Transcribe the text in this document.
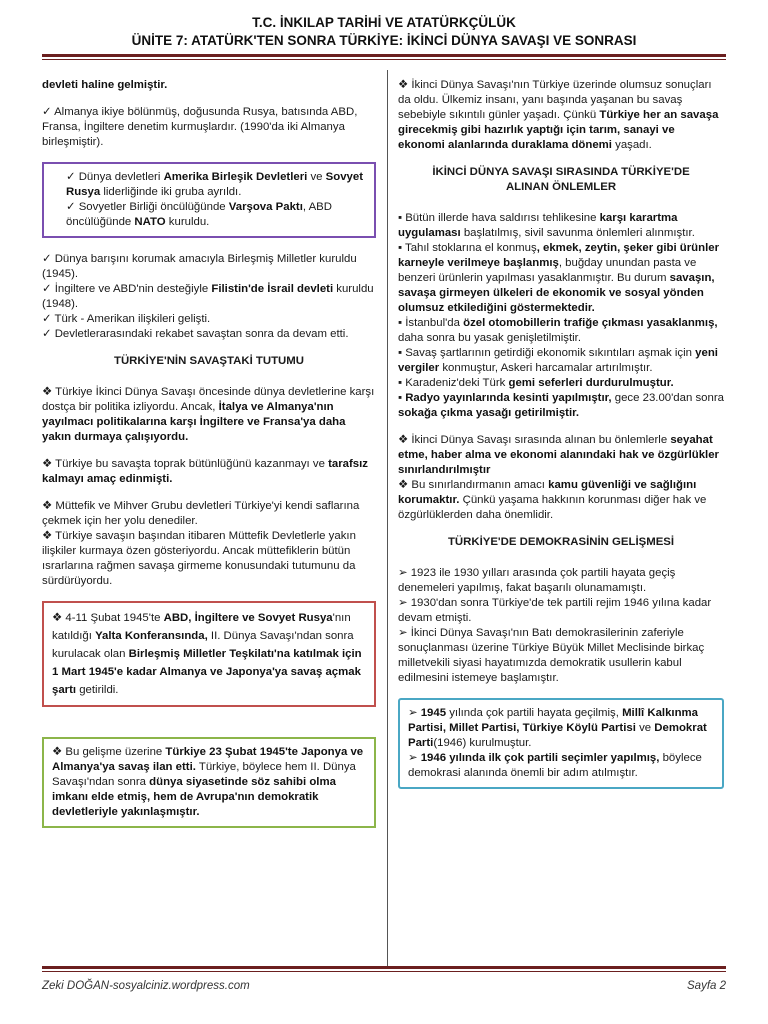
T.C. İNKILAP TARİHİ VE ATATÜRKÇÜLÜK
ÜNİTE 7: ATATÜRK'TEN SONRA TÜRKİYE: İKİNCİ DÜNYA SAVAŞI VE SONRASI

devleti haline gelmiştir.

✓ Almanya ikiye bölünmüş, doğusunda Rusya, batısında ABD, Fransa, İngiltere denetim kurmuşlardır. (1990'da iki Almanya birleşmiştir).

✓ Dünya devletleri Amerika Birleşik Devletleri ve Sovyet Rusya liderliğinde iki gruba ayrıldı.
✓ Sovyetler Birliği öncülüğünde Varşova Paktı, ABD öncülüğünde NATO kuruldu.

✓ Dünya barışını korumak amacıyla Birleşmiş Milletler kuruldu (1945).

✓ İngiltere ve ABD'nin desteğiyle Filistin'de İsrail devleti kuruldu (1948).

✓ Türk - Amerikan ilişkileri gelişti.

✓ Devletlerarasındaki rekabet savaştan sonra da devam etti.

TÜRKİYE'NİN SAVAŞTAKİ TUTUMU

❖ Türkiye İkinci Dünya Savaşı öncesinde dünya devletlerine karşı dostça bir politika izliyordu. Ancak, İtalya ve Almanya'nın yayılmacı politikalarına karşı İngiltere ve Fransa'ya daha yakın durmaya çalışıyordu.

❖ Türkiye bu savaşta toprak bütünlüğünü kazanmayı ve tarafsız kalmayı amaç edinmişti.

❖ Müttefik ve Mihver Grubu devletleri Türkiye'yi kendi saflarına çekmek için her yolu denediler.

❖ Türkiye savaşın başından itibaren Müttefik Devletlerle yakın ilişkiler kurmaya özen gösteriyordu. Ancak müttefiklerin bütün ısrarlarına rağmen savaşa girmeme konusundaki tutumunu da sürdürüyordu.

❖ 4-11 Şubat 1945'te ABD, İngiltere ve Sovyet Rusya'nın katıldığı Yalta Konferansında, II. Dünya Savaşı'ndan sonra kurulacak olan Birleşmiş Milletler Teşkilatı'na katılmak için 1 Mart 1945'e kadar Almanya ve Japonya'ya savaş açmak şartı getirildi.
❖ Bu gelişme üzerine Türkiye 23 Şubat 1945'te Japonya ve Almanya'ya savaş ilan etti. Türkiye, böylece hem II. Dünya Savaşı'ndan sonra dünya siyasetinde söz sahibi olma imkanı elde etmiş, hem de Avrupa'nın demokratik devletleriyle yakınlaşmıştır.

❖ İkinci Dünya Savaşı'nın Türkiye üzerinde olumsuz sonuçları da oldu. Ülkemiz insanı, yanı başında yaşanan bu savaş sebebiyle sıkıntılı günler yaşadı. Çünkü Türkiye her an savaşa girecekmiş gibi hazırlık yaptığı için tarım, sanayi ve ekonomi alanlarında duraklama dönemi yaşadı.

İKİNCİ DÜNYA SAVAŞI SIRASINDA TÜRKİYE'DE
ALINAN ÖNLEMLER

▪ Bütün illerde hava saldırısı tehlikesine karşı karartma uygulaması başlatılmış, sivil savunma önlemleri alınmıştır.

▪ Tahıl stoklarına el konmuş, ekmek, zeytin, şeker gibi ürünler karneyle verilmeye başlanmış, buğday unundan pasta ve benzeri ürünlerin yapılması yasaklanmıştır. Bu durum savaşın, savaşa girmeyen ülkeleri de ekonomik ve sosyal yönden olumsuz etkilediğini göstermektedir.

▪ İstanbul'da özel otomobillerin trafiğe çıkması yasaklanmış, daha sonra bu yasak genişletilmiştir.

▪ Savaş şartlarının getirdiği ekonomik sıkıntıları aşmak için yeni vergiler konmuştur, Askeri harcamalar artırılmıştır.

▪ Karadeniz'deki Türk gemi seferleri durdurulmuştur.

▪ Radyo yayınlarında kesinti yapılmıştır, gece 23.00'dan sonra sokağa çıkma yasağı getirilmiştir.

❖ İkinci Dünya Savaşı sırasında alınan bu önlemlerle seyahat etme, haber alma ve ekonomi alanındaki hak ve özgürlükler sınırlandırılmıştır

❖ Bu sınırlandırmanın amacı kamu güvenliği ve sağlığını korumaktır. Çünkü yaşama hakkının korunması diğer hak ve özgürlüklerden daha önemlidir.

TÜRKİYE'DE DEMOKRASİNİN GELİŞMESİ

➢ 1923 ile 1930 yılları arasında çok partili hayata geçiş denemeleri yapılmış, fakat başarılı olunamamıştı.

➢ 1930'dan sonra Türkiye'de tek partili rejim 1946 yılına kadar devam etmişti.

➢ İkinci Dünya Savaşı'nın Batı demokrasilerinin zaferiyle sonuçlanması üzerine Türkiye Büyük Millet Meclisinde birkaç milletvekili siyasi hayatımızda demokratik usullerin kabul edilmesini istemeye başlamıştır.

➢ 1945 yılında çok partili hayata geçilmiş, Millî Kalkınma Partisi, Millet Partisi, Türkiye Köylü Partisi ve Demokrat Parti(1946) kurulmuştur.
➢ 1946 yılında ilk çok partili seçimler yapılmış, böylece demokrasi alanında önemli bir adım atılmıştır.
Zeki DOĞAN-sosyalciniz.wordpress.com	Sayfa 2
